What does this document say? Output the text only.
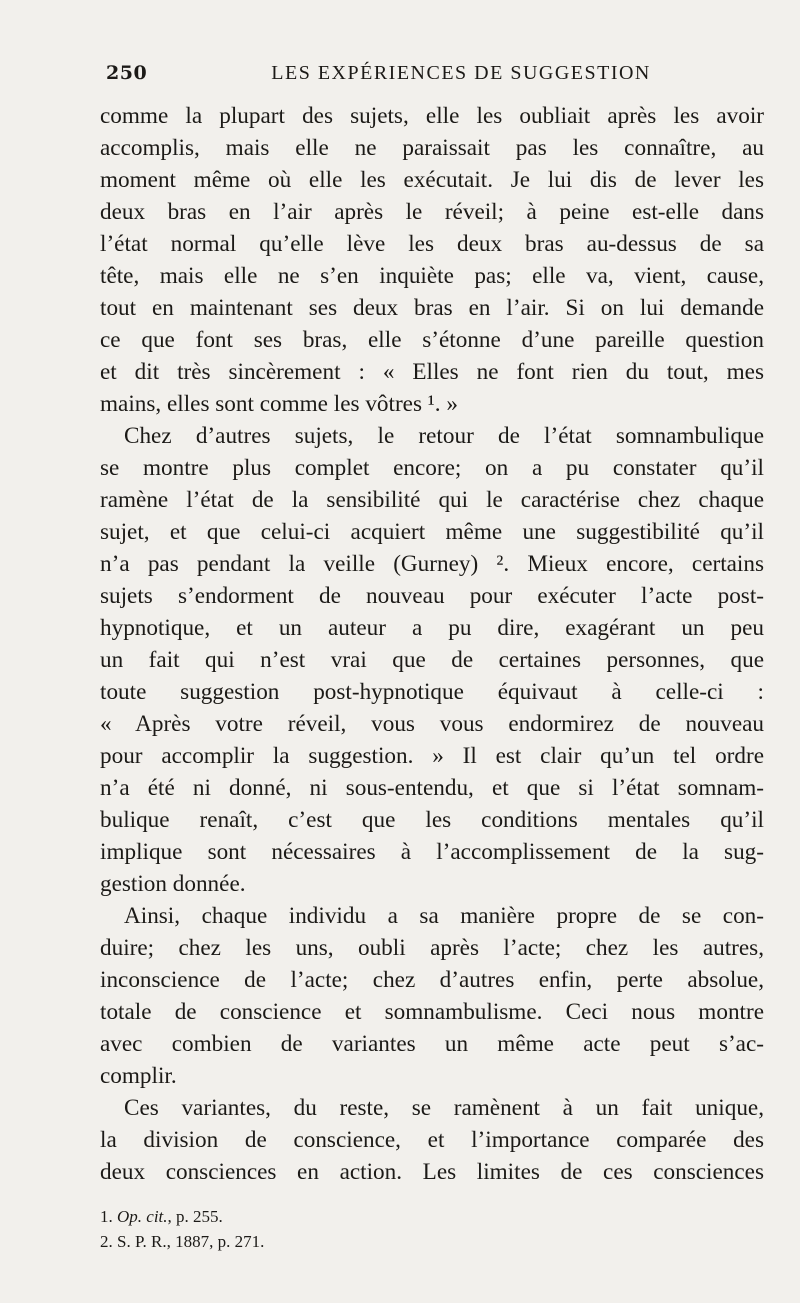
250	LES EXPÉRIENCES DE SUGGESTION
comme la plupart des sujets, elle les oubliait après les avoir
accomplis, mais elle ne paraissait pas les connaître, au
moment même où elle les exécutait. Je lui dis de lever les
deux bras en l’air après le réveil; à peine est-elle dans
l’état normal qu’elle lève les deux bras au-dessus de sa
tête, mais elle ne s’en inquiète pas; elle va, vient, cause,
tout en maintenant ses deux bras en l’air. Si on lui demande
ce que font ses bras, elle s’étonne d’une pareille question
et dit très sincèrement : « Elles ne font rien du tout, mes
mains, elles sont comme les vôtres ¹. »
Chez d’autres sujets, le retour de l’état somnambulique
se montre plus complet encore; on a pu constater qu’il
ramène l’état de la sensibilité qui le caractérise chez chaque
sujet, et que celui-ci acquiert même une suggestibilité qu’il
n’a pas pendant la veille (Gurney) ². Mieux encore, certains
sujets s’endorment de nouveau pour exécuter l’acte post-
hypnotique, et un auteur a pu dire, exagérant un peu
un fait qui n’est vrai que de certaines personnes, que
toute suggestion post-hypnotique équivaut à celle-ci :
« Après votre réveil, vous vous endormirez de nouveau
pour accomplir la suggestion. » Il est clair qu’un tel ordre
n’a été ni donné, ni sous-entendu, et que si l’état somnam-
bulique renaît, c’est que les conditions mentales qu’il
implique sont nécessaires à l’accomplissement de la sug-
gestion donnée.
Ainsi, chaque individu a sa manière propre de se con-
duire; chez les uns, oubli après l’acte; chez les autres,
inconscience de l’acte; chez d’autres enfin, perte absolue,
totale de conscience et somnambulisme. Ceci nous montre
avec combien de variantes un même acte peut s’ac-
complir.
Ces variantes, du reste, se ramènent à un fait unique,
la division de conscience, et l’importance comparée des
deux consciences en action. Les limites de ces consciences
1. Op. cit., p. 255.
2. S. P. R., 1887, p. 271.
